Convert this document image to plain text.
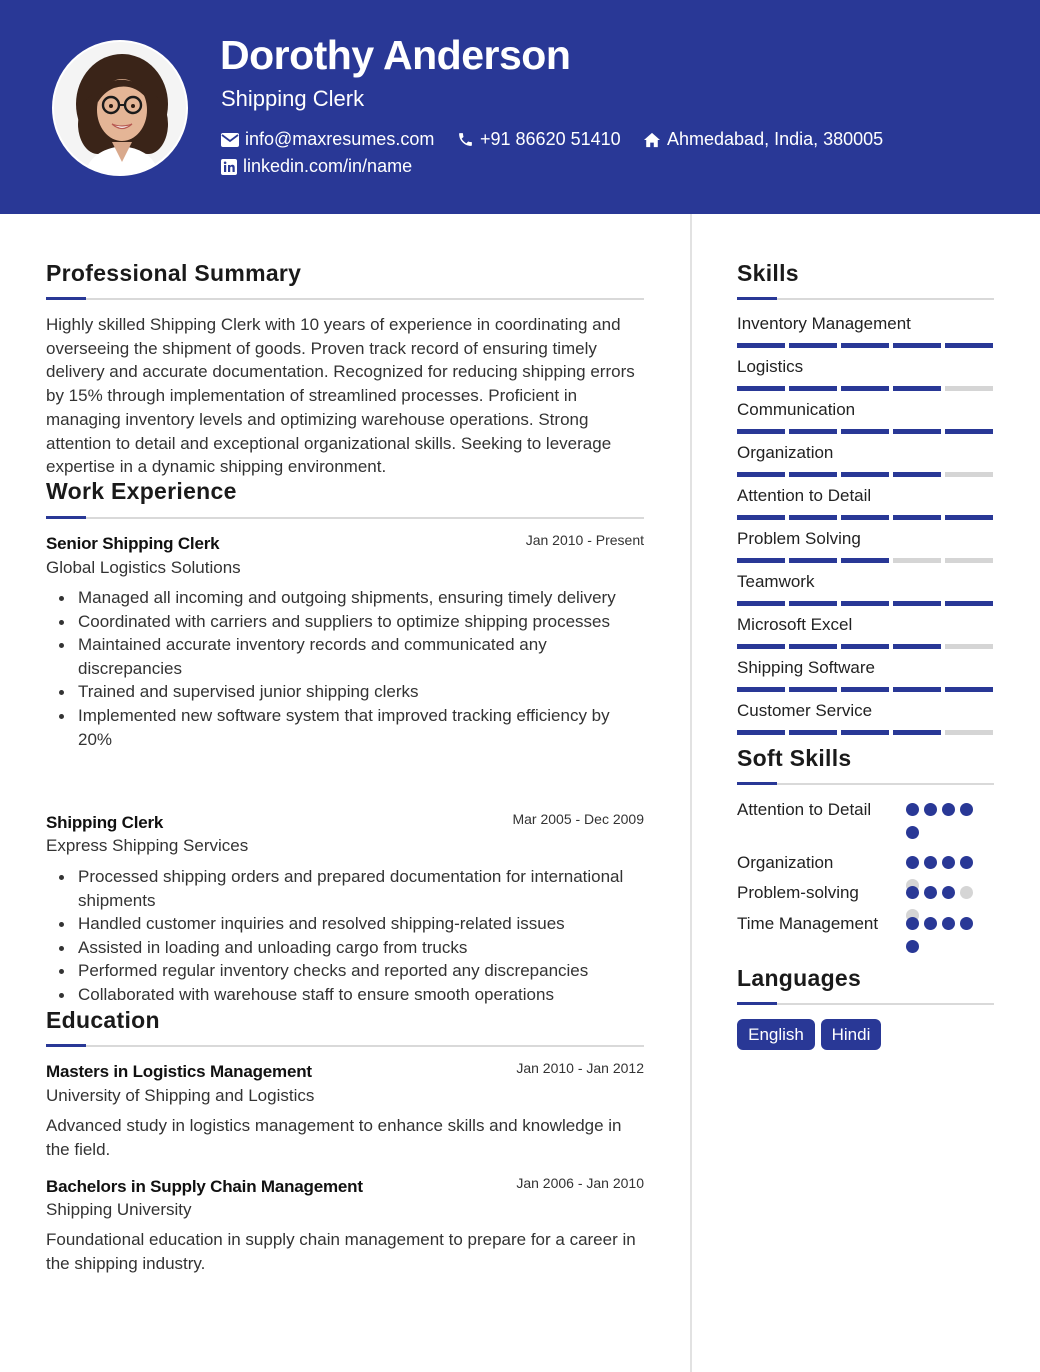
Dorothy Anderson
Shipping Clerk
info@maxresumes.com	+91 86620 51410	Ahmedabad, India, 380005
linkedin.com/in/name
Professional Summary
Highly skilled Shipping Clerk with 10 years of experience in coordinating and overseeing the shipment of goods. Proven track record of ensuring timely delivery and accurate documentation. Recognized for reducing shipping errors by 15% through implementation of streamlined processes. Proficient in managing inventory levels and optimizing warehouse operations. Strong attention to detail and exceptional organizational skills. Seeking to leverage expertise in a dynamic shipping environment.
Work Experience
Senior Shipping Clerk	Jan 2010 - Present
Global Logistics Solutions
Managed all incoming and outgoing shipments, ensuring timely delivery
Coordinated with carriers and suppliers to optimize shipping processes
Maintained accurate inventory records and communicated any discrepancies
Trained and supervised junior shipping clerks
Implemented new software system that improved tracking efficiency by 20%
Shipping Clerk	Mar 2005 - Dec 2009
Express Shipping Services
Processed shipping orders and prepared documentation for international shipments
Handled customer inquiries and resolved shipping-related issues
Assisted in loading and unloading cargo from trucks
Performed regular inventory checks and reported any discrepancies
Collaborated with warehouse staff to ensure smooth operations
Education
Masters in Logistics Management	Jan 2010 - Jan 2012
University of Shipping and Logistics
Advanced study in logistics management to enhance skills and knowledge in the field.
Bachelors in Supply Chain Management	Jan 2006 - Jan 2010
Shipping University
Foundational education in supply chain management to prepare for a career in the shipping industry.
Skills
Inventory Management
Logistics
Communication
Organization
Attention to Detail
Problem Solving
Teamwork
Microsoft Excel
Shipping Software
Customer Service
Soft Skills
Attention to Detail
Organization
Problem-solving
Time Management
Languages
English	Hindi
